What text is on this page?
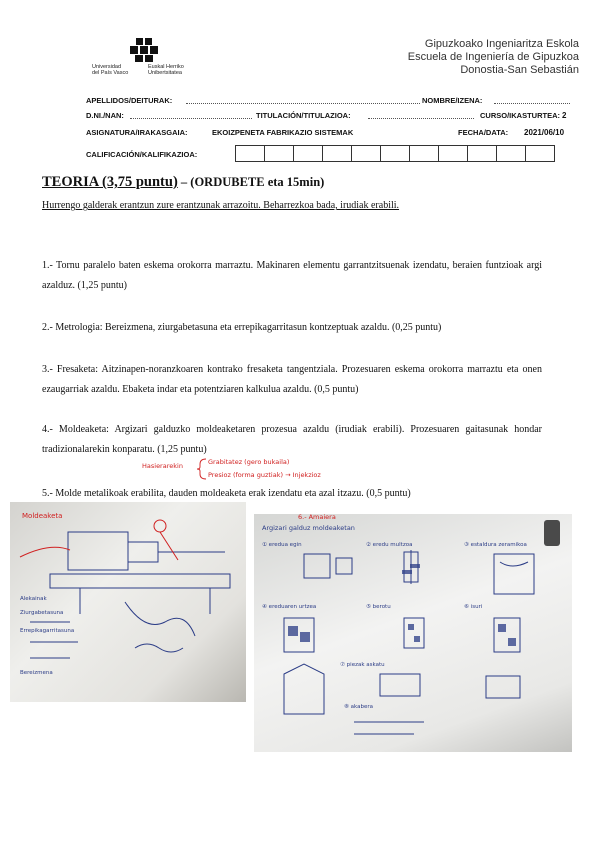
Universidad
del País Vasco
Euskal Herriko
Unibertsitatea
Gipuzkoako Ingeniaritza Eskola
Escuela de Ingeniería de Gipuzkoa
Donostia-San Sebastián
APELLIDOS/DEITURAK:	NOMBRE/IZENA:
D.NI./NAN:	TITULACIÓN/TITULAZIOA:	CURSO/IKASTURTEA: 2
ASIGNATURA/IRAKASGAIA:	EKOIZPENETA FABRIKAZIO SISTEMAK	FECHA/DATA: 2021/06/10
CALIFICACIÓN/KALIFIKAZIOA:
TEORIA (3,75 puntu) – (ORDUBETE eta 15min)
Hurrengo galderak erantzun zure erantzunak arrazoitu. Beharrezkoa bada, irudiak erabili.
1.- Tornu paralelo baten eskema orokorra marraztu. Makinaren elementu garrantzitsuenak izendatu, beraien funtzioak argi azalduz. (1,25 puntu)
2.- Metrologia: Bereizmena, ziurgabetasuna eta errepikagarritasun kontzeptuak azaldu. (0,25 puntu)
3.- Fresaketa: Aitzinapen-noranzkoaren kontrako fresaketa tangentziala. Prozesuaren eskema orokorra marraztu eta onen ezaugarriak azaldu. Ebaketa indar eta potentziaren kalkulua azaldu. (0,5 puntu)
4.- Moldeaketa: Argizari galduzko moldeaketaren prozesua azaldu (irudiak erabili). Prozesuaren gaitasunak hondar tradizionalarekin konparatu. (1,25 puntu)
5.- Molde metalikoak erabilita, dauden moldeaketa erak izendatu eta azal itzazu. (0,5 puntu)
Hasierarekin	Grabitatez (gero bukaila)
Presioz (forma guztiak) → Injekzioz
Moldeaketa
Alekainak
Ziurgabetasuna
Errepikagarritasuna
Bereizmena
Argizari galduz moldeaketan
6.- Amaiera
① eredua egin	② eredu multzoa	③ estaldura zeramikoa
④ ereduaren urtzea	⑤ berotu	⑥ isuri
⑦ piezak askatu
⑧ akabera
